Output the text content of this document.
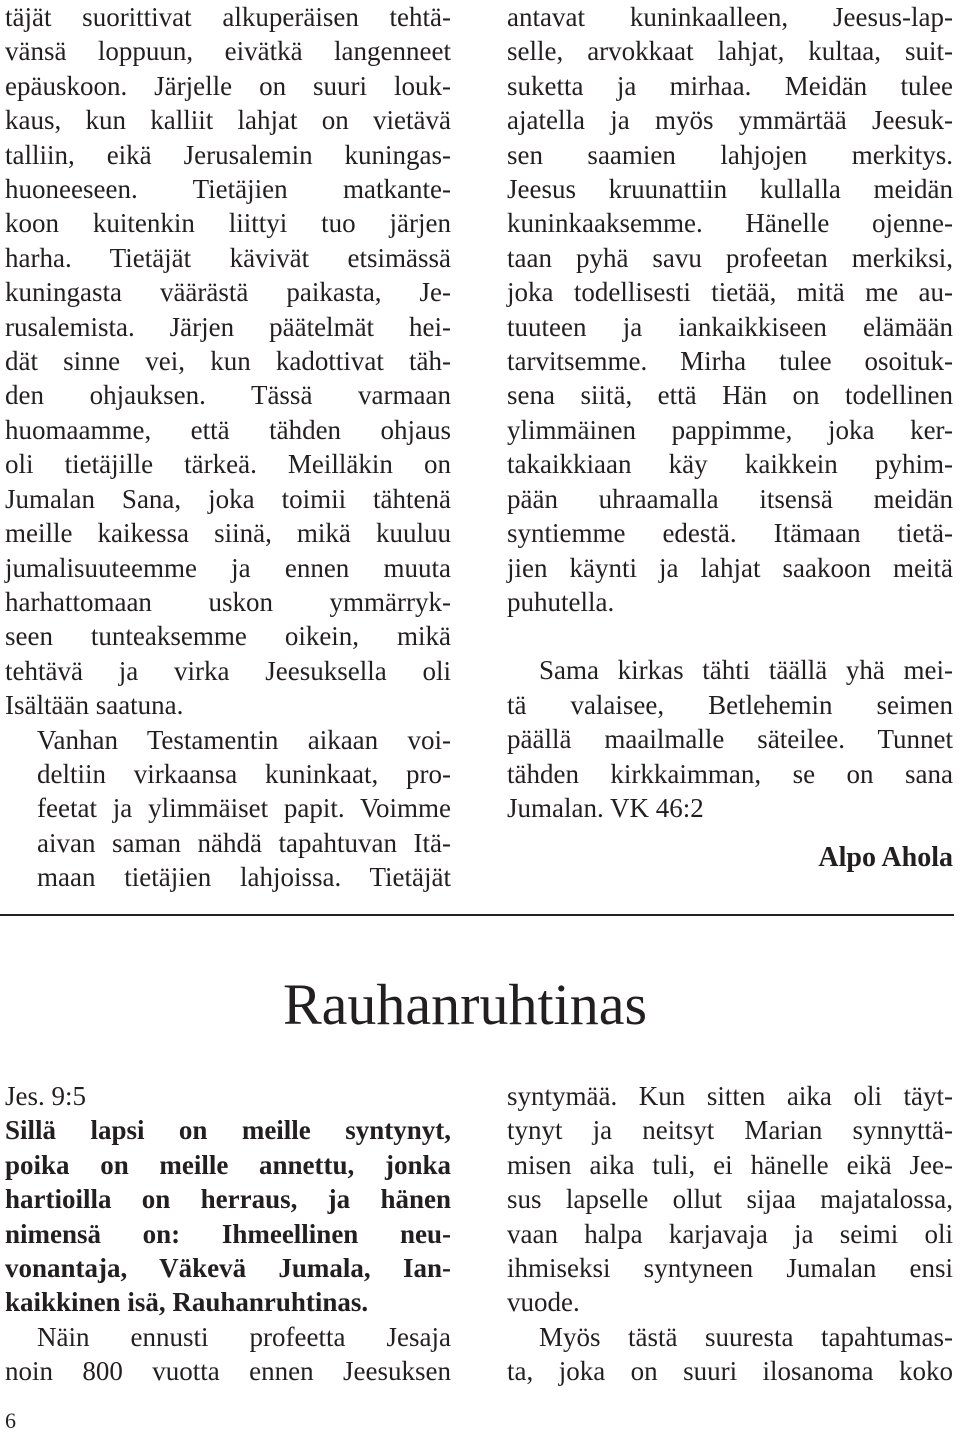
täjät suorittivat alkuperäisen tehtä-
vänsä loppuun, eivätkä langenneet
epäuskoon. Järjelle on suuri louk-
kaus, kun kalliit lahjat on vietävä
talliin, eikä Jerusalemin kuningas-
huoneeseen. Tietäjien matkante-
koon kuitenkin liittyi tuo järjen
harha. Tietäjät kävivät etsimässä
kuningasta väärästä paikasta, Je-
rusalemista. Järjen päätelmät hei-
dät sinne vei, kun kadottivat täh-
den ohjauksen. Tässä varmaan
huomaamme, että tähden ohjaus
oli tietäjille tärkeä. Meilläkin on
Jumalan Sana, joka toimii tähtenä
meille kaikessa siinä, mikä kuuluu
jumalisuuteemme ja ennen muuta
harhattomaan uskon ymmärryk-
seen tunteaksemme oikein, mikä
tehtävä ja virka Jeesuksella oli
Isältään saatuna.

Vanhan Testamentin aikaan voi-
deltiin virkaansa kuninkaat, pro-
feetat ja ylimmäiset papit. Voimme
aivan saman nähdä tapahtuvan Itä-
maan tietäjien lahjoissa. Tietäjät

antavat kuninkaalleen, Jeesus-lap-
selle, arvokkaat lahjat, kultaa, suit-
suketta ja mirhaa. Meidän tulee
ajatella ja myös ymmärtää Jeesuk-
sen saamien lahjojen merkitys.
Jeesus kruunattiin kullalla meidän
kuninkaaksemme. Hänelle ojenne-
taan pyhä savu profeetan merkiksi,
joka todellisesti tietää, mitä me au-
tuuteen ja iankaikkiseen elämään
tarvitsemme. Mirha tulee osoituk-
sena siitä, että Hän on todellinen
ylimmäinen pappimme, joka ker-
takaikkiaan käy kaikkein pyhim-
pään uhraamalla itsensä meidän
syntiemme edestä. Itämaan tietä-
jien käynti ja lahjat saakoon meitä
puhutella.

Sama kirkas tähti täällä yhä mei-
tä valaisee, Betlehemin seimen
päällä maailmalle säteilee. Tunnet
tähden kirkkaimman, se on sana
Jumalan. VK 46:2

Alpo Ahola
Rauhanruhtinas
Jes. 9:5
Sillä lapsi on meille syntynyt,
poika on meille annettu, jonka
hartioilla on herraus, ja hänen
nimensä on: Ihmeellinen neu-
vonantaja, Väkevä Jumala, Ian-
kaikkinen isä, Rauhanruhtinas.

Näin ennusti profeetta Jesaja
noin 800 vuotta ennen Jeesuksen

syntymää. Kun sitten aika oli täyt-
tynyt ja neitsyt Marian synnyttä-
misen aika tuli, ei hänelle eikä Jee-
sus lapselle ollut sijaa majatalossa,
vaan halpa karjavaja ja seimi oli
ihmiseksi syntyneen Jumalan ensi
vuode.

Myös tästä suuresta tapahtumas-
ta, joka on suuri ilosanoma koko

6
